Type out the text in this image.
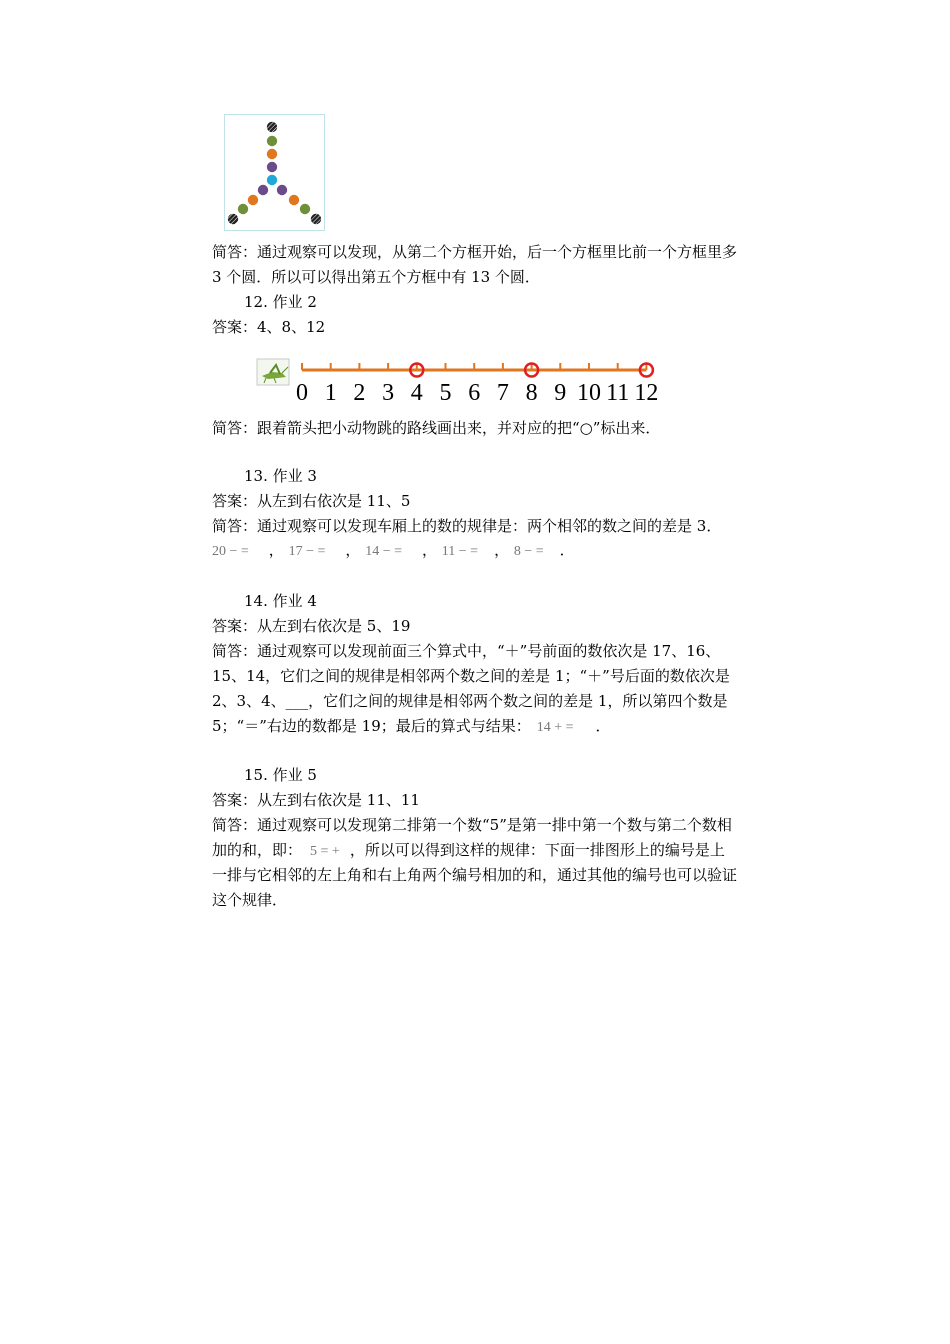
简答：通过观察可以发现，从第二个方框开始，后一个方框里比前一个方框里多
3 个圆．所以可以得出第五个方框中有 13 个圆．
12. 作业 2
答案：4、8、12
0 1 2 3 4 5 6 7 8 9 10 11 12
简答：跟着箭头把小动物跳的路线画出来，并对应的把“○”标出来．
13. 作业 3
答案：从左到右依次是 11、5
简答：通过观察可以发现车厢上的数的规律是：两个相邻的数之间的差是 3．
20 − = ， 17 − = ， 14 − = ， 11 − = ， 8 − = ．
14. 作业 4
答案：从左到右依次是 5、19
简答：通过观察可以发现前面三个算式中，“＋”号前面的数依次是 17、16、
15、14，它们之间的规律是相邻两个数之间的差是 1；“＋”号后面的数依次是
2、3、4、___，它们之间的规律是相邻两个数之间的差是 1，所以第四个数是
5；“＝”右边的数都是 19；最后的算式与结果： 14 + = ．
15. 作业 5
答案：从左到右依次是 11、11
简答：通过观察可以发现第二排第一个数“5”是第一排中第一个数与第二个数相
加的和，即： 5 = + ，所以可以得到这样的规律：下面一排图形上的编号是上
一排与它相邻的左上角和右上角两个编号相加的和，通过其他的编号也可以验证
这个规律．
